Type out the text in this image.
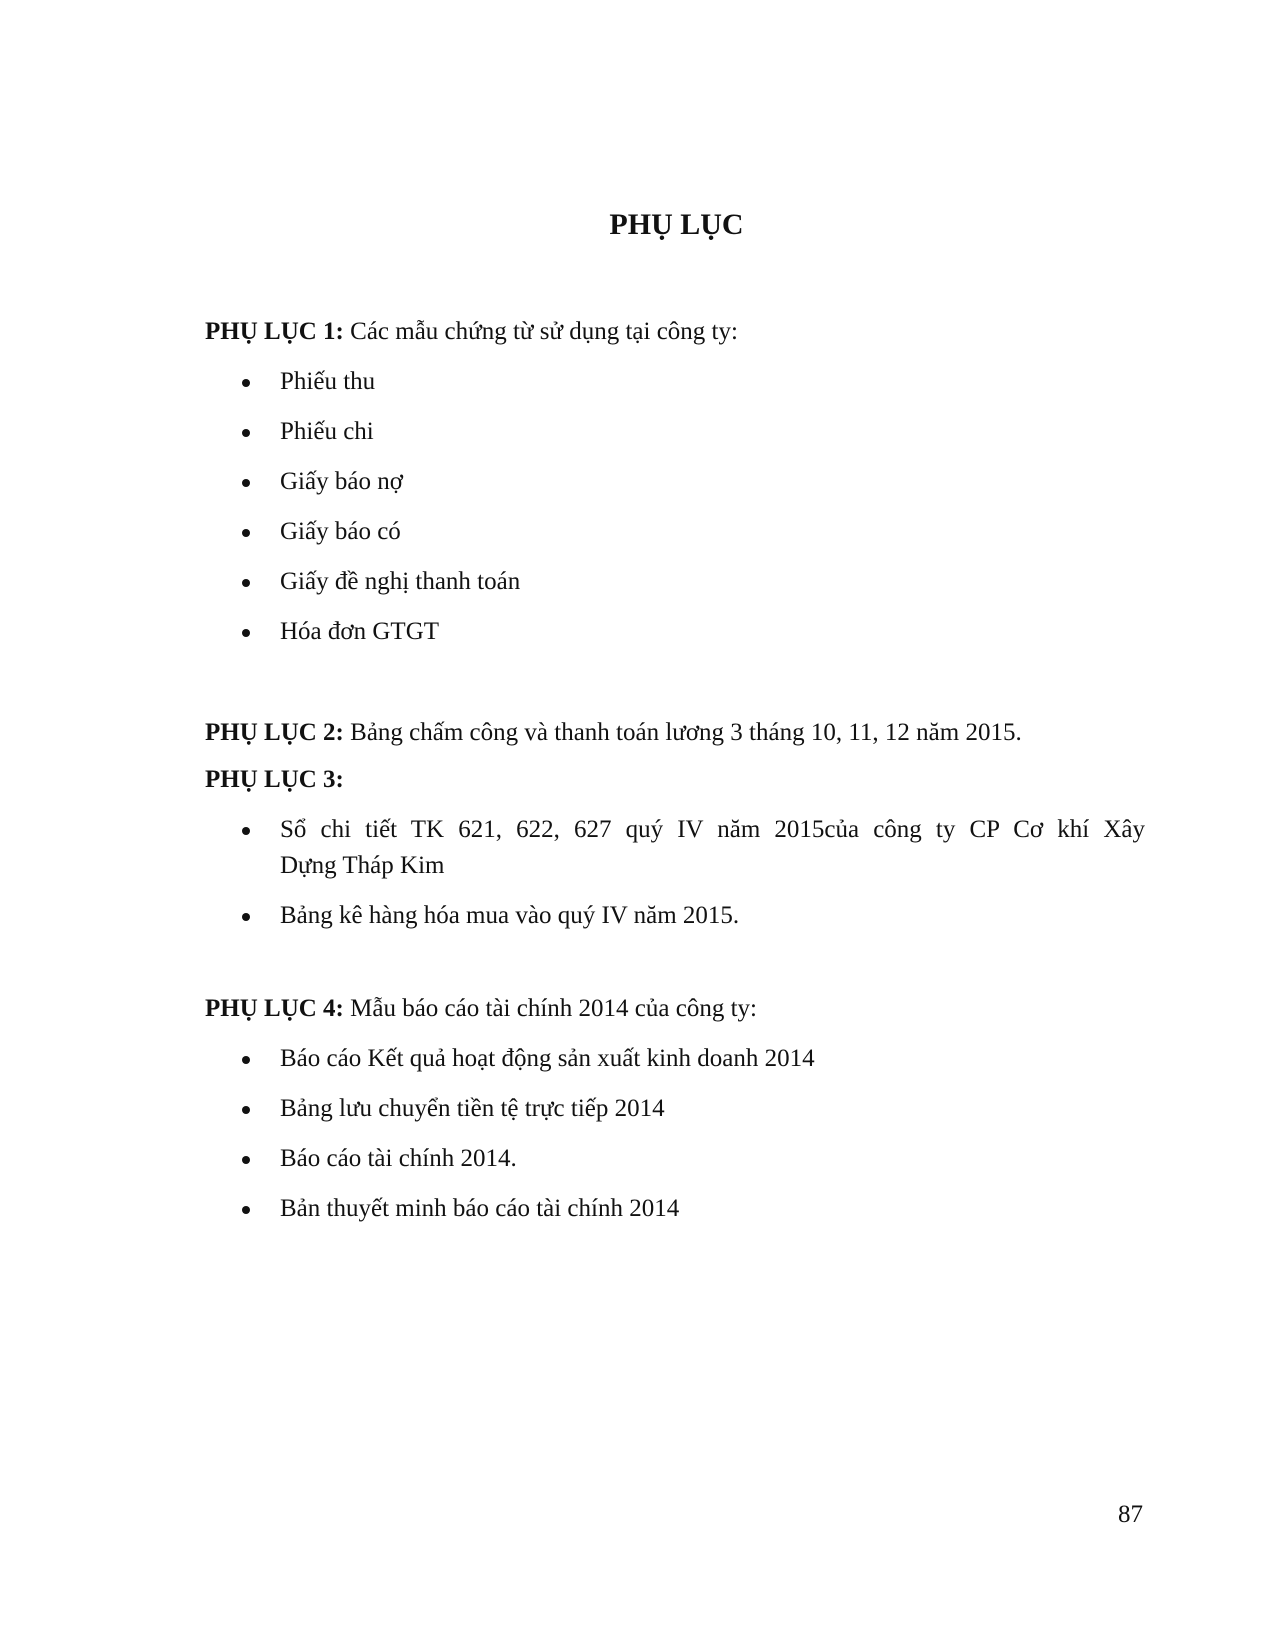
PHỤ LỤC

PHỤ LỤC 1: Các mẫu chứng từ sử dụng tại công ty:

Phiếu thu
Phiếu chi
Giấy báo nợ
Giấy báo có
Giấy đề nghị thanh toán
Hóa đơn GTGT

PHỤ LỤC 2: Bảng chấm công và thanh toán lương 3 tháng 10, 11, 12 năm 2015.

PHỤ LỤC 3:

Sổ chi tiết TK 621, 622, 627 quý IV năm 2015của công ty CP Cơ khí Xây
Dựng Tháp Kim
Bảng kê hàng hóa mua vào quý IV năm 2015.

PHỤ LỤC 4: Mẫu báo cáo tài chính 2014 của công ty:

Báo cáo Kết quả hoạt động sản xuất kinh doanh 2014
Bảng lưu chuyển tiền tệ trực tiếp 2014
Báo cáo tài chính 2014.
Bản thuyết minh báo cáo tài chính 2014
87
